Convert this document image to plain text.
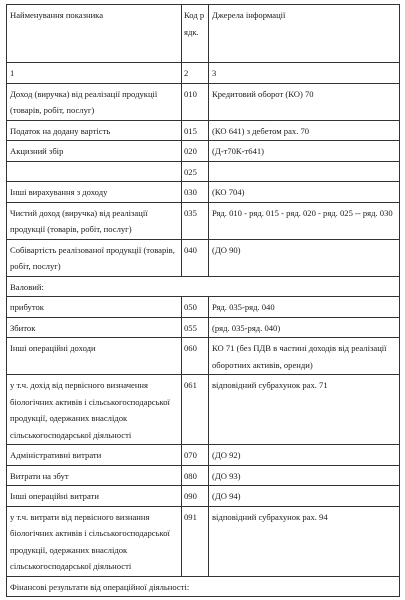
Найменування показника	Код рядк.	Джерела інформації
1	2	3
Доход (виручка) від реалізації продукції (товарів, робіт, послуг)	010	Кредитовий оборот (КО) 70
Податок на додану вартість	015	(КО 641) з дебетом рах. 70
Акцизний збір	020	(Д-т70К-т641)
	025	
Інші вирахування з доходу	030	(КО 704)
Чистий доход (виручка) від реалізації продукції (товарів, робіт, послуг)	035	Ряд. 010 - ряд. 015 - ряд. 020 - ряд. 025 -- ряд. 030
Собівартість реалізованої продукції (товарів, робіт, послуг)	040	(ДО 90)
Валовий:		
прибуток	050	Ряд. 035-ряд. 040
Збиток	055	(ряд. 035-ряд. 040)
Інші операційні доходи	060	КО 71 (без ПДВ в частині доходів від реалізації оборотних активів, оренди)
у т.ч. дохід від первісного визначення біологічних активів і сільськогосподарської продукції, одержаних внаслідок сільськогосподарської діяльності	061	відповідний субрахунок рах. 71
Адміністративні витрати	070	(ДО 92)
Витрати на збут	080	(ДО 93)
Інші операційні витрати	090	(ДО 94)
у т.ч. витрати від первісного визнання біологічних активів і сільськогосподарської продукції, одержаних внаслідок сільськогосподарської діяльності	091	відповідний субрахунок рах. 94
Фінансові результати від операційної діяльності:		
